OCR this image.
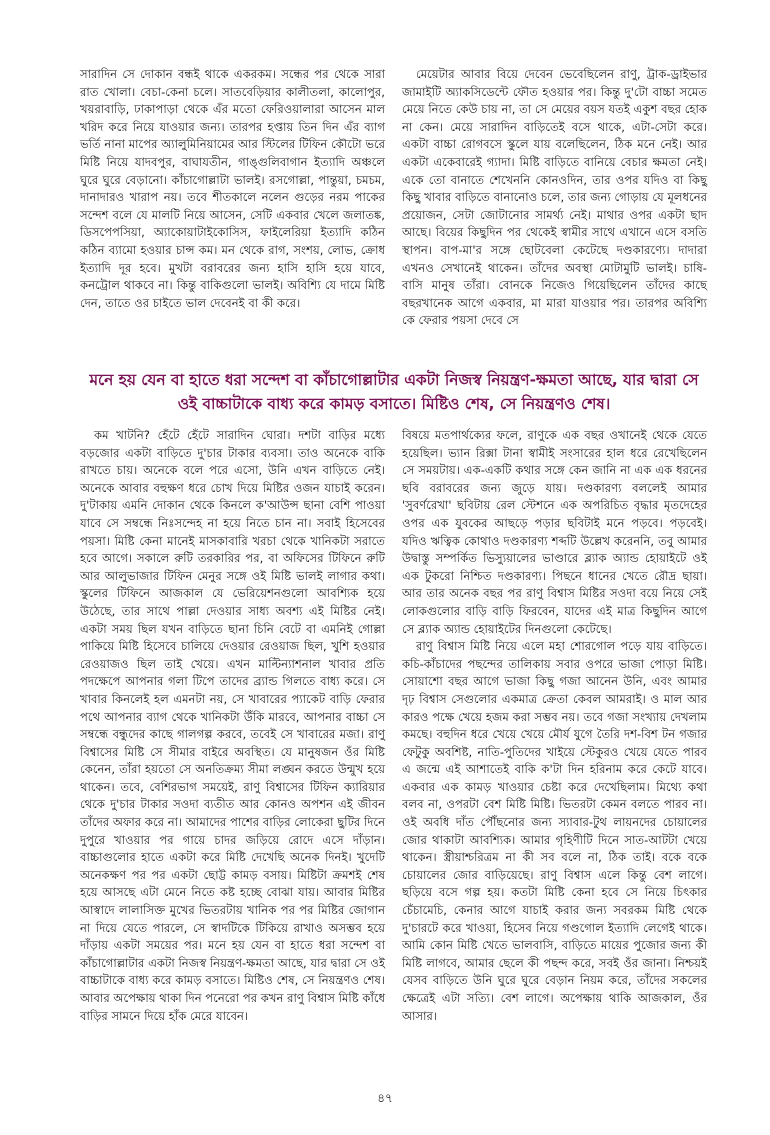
সারাদিন সে দোকান বন্ধই থাকে একরকম। সন্ধের পর থেকে সারা রাত খোলা। বেচা-কেনা চলে। সাতবেড়িয়ার কালীতলা, কালোপুর, খয়রাবাড়ি, ঢাকাপাড়া থেকে এঁর মতো ফেরিওয়ালারা আসেন মাল খরিদ করে নিয়ে যাওয়ার জন্য। তারপর হপ্তায় তিন দিন এঁর ব্যাগ ভর্তি নানা মাপের অ্যালুমিনিয়ামের আর স্টিলের টিফিন কৌটো ভরে মিষ্টি নিয়ে যাদবপুর, বাঘাযতীন, গাঙ্গুলিবাগান ইত্যাদি অঞ্চলে ঘুরে ঘুরে বেড়ানো। কাঁচাগোল্লাটা ভালই। রসগোল্লা, পান্তুয়া, চমচম, দানাদারও খারাপ নয়। তবে শীতকালে নলেন গুড়ের নরম পাকের সন্দেশ বলে যে মালটি নিয়ে আসেন, সেটি একবার খেলে জলাতঙ্ক, ডিসপেপসিয়া, অ্যাকোয়াটাইকোসিস, ফাইলেরিয়া ইত্যাদি কঠিন কঠিন ব্যামো হওয়ার চান্স কম। মন থেকে রাগ, সংশয়, লোভ, ক্রোধ ইত্যাদি দূর হবে। মুখটা বরাবরের জন্য হাসি হাসি হয়ে যাবে, কনট্রোল থাকবে না। কিন্তু বাকিগুলো ভালই। অবিশ্যি যে দামে মিষ্টি দেন, তাতে ওর চাইতে ভাল দেবেনই বা কী করে।

মেয়েটার আবার বিয়ে দেবেন ভেবেছিলেন রাণু, ট্রাক-ড্রাইভার জামাইটি অ্যাকসিডেন্টে ফৌত হওয়ার পর। কিন্তু দু'টো বাচ্চা সমেত মেয়ে নিতে কেউ চায় না, তা সে মেয়ের বয়স যতই একুশ বছর হোক না কেন। মেয়ে সারাদিন বাড়িতেই বসে থাকে, এটা-সেটা করে। একটা বাচ্চা রোগবসে স্কুলে যায় বলেছিলেন, ঠিক মনে নেই। আর একটা একেবারেই গ্যাদা। মিষ্টি বাড়িতে বানিয়ে বেচার ক্ষমতা নেই। একে তো বানাতে শেখেননি কোনওদিন, তার ওপর যদিও বা কিছু কিছু খাবার বাড়িতে বানানোও চলে, তার জন্য গোড়ায় যে মূলধনের প্রয়োজন, সেটা জোটানোর সামর্থ্য নেই। মাথার ওপর একটা ছাদ আছে। বিয়ের কিছুদিন পর থেকেই স্বামীর সাথে এখানে এসে বসতি স্থাপন। বাপ-মা'র সঙ্গে ছোটবেলা কেটেছে দণ্ডকারণ্যে। দাদারা এখনও সেখানেই থাকেন। তাঁদের অবস্থা মোটামুটি ভালই। চাষি-বাসি মানুষ তাঁরা। বোনকে নিজেও গিয়েছিলেন তাঁদের কাছে বছরখানেক আগে একবার, মা মারা যাওয়ার পর। তারপর অবিশ্যি কে ফেরার পয়সা দেবে সে

মনে হয় যেন বা হাতে ধরা সন্দেশ বা কাঁচাগোল্লাটার একটা নিজস্ব নিয়ন্ত্রণ-ক্ষমতা আছে, যার দ্বারা সে ওই বাচ্চাটাকে বাধ্য করে কামড় বসাতে। মিষ্টিও শেষ, সে নিয়ন্ত্রণও শেষ।

কম খাটনি? হেঁটে হেঁটে সারাদিন ঘোরা। দশটা বাড়ির মধ্যে বড়জোর একটা বাড়িতে দু'চার টাকার ব্যবসা। তাও অনেকে বাকি রাখতে চায়। অনেকে বলে পরে এসো, উনি এখন বাড়িতে নেই। অনেকে আবার বহুক্ষণ ধরে চোখ দিয়ে মিষ্টির ওজন যাচাই করেন। দু'টাকায় এমনি দোকান থেকে কিনলে ক'আউন্স ছানা বেশি পাওয়া যাবে সে সম্বন্ধে নিঃসন্দেহ না হয়ে নিতে চান না। সবাই হিসেবের পয়সা। মিষ্টি কেনা মানেই মাসকাবারি খরচা থেকে খানিকটা সরাতে হবে আগে। সকালে রুটি তরকারির পর, বা অফিসের টিফিনে রুটি আর আলুভাজার টিফিন মেনুর সঙ্গে ওই মিষ্টি ভালই লাগার কথা। স্কুলের টিফিনে আজকাল যে ভেরিয়েশনগুলো আবশ্যিক হয়ে উঠেছে, তার সাথে পাল্লা দেওয়ার সাধ্য অবশ্য এই মিষ্টির নেই। একটা সময় ছিল যখন বাড়িতে ছানা চিনি বেটে বা এমনিই গোল্লা পাকিয়ে মিষ্টি হিসেবে চালিয়ে দেওয়ার রেওয়াজ ছিল, খুশি হওয়ার রেওয়াজও ছিল তাই খেয়ে। এখন মাল্টিন্যাশনাল খাবার প্রতি পদক্ষেপে আপনার গলা টিপে তাদের ব্র্যান্ড গিলতে বাধ্য করে। সে খাবার কিনলেই হল এমনটা নয়, সে খাবারের প্যাকেট বাড়ি ফেরার পথে আপনার ব্যাগ থেকে খানিকটা উঁকি মারবে, আপনার বাচ্চা সে সম্বন্ধে বন্ধুদের কাছে গালগল্প করবে, তবেই সে খাবারের মজা। রাণু বিশ্বাসের মিষ্টি সে সীমার বাইরে অবস্থিত। যে মানুষজন ওঁর মিষ্টি কেনেন, তাঁরা হয়তো সে অনতিক্রম্য সীমা লঙ্ঘন করতে উন্মুখ হয়ে থাকেন। তবে, বেশিরভাগ সময়েই, রাণু বিশ্বাসের টিফিন ক্যারিয়ার থেকে দু'চার টাকার সওদা ব্যতীত আর কোনও অপশন এই জীবন তাঁদের অফার করে না। আমাদের পাশের বাড়ির লোকেরা ছুটির দিনে দুপুরে খাওয়ার পর গায়ে চাদর জড়িয়ে রোদে এসে দাঁড়ান। বাচ্চাগুলোর হাতে একটা করে মিষ্টি দেখেছি অনেক দিনই। খুদেটি অনেকক্ষণ পর পর একটা ছোট্ট কামড় বসায়। মিষ্টিটা ক্রমশই শেষ হয়ে আসছে এটা মেনে নিতে কষ্ট হচ্ছে বোঝা যায়। আবার মিষ্টির আস্বাদে লালাসিক্ত মুখের ভিতরটায় খানিক পর পর মিষ্টির জোগান না দিয়ে যেতে পারলে, সে স্বাদটিকে টিকিয়ে রাখাও অসম্ভব হয়ে দাঁড়ায় একটা সময়ের পর। মনে হয় যেন বা হাতে ধরা সন্দেশ বা কাঁচাগোল্লাটার একটা নিজস্ব নিয়ন্ত্রণ-ক্ষমতা আছে, যার দ্বারা সে ওই বাচ্চাটাকে বাধ্য করে কামড় বসাতে। মিষ্টিও শেষ, সে নিয়ন্ত্রণও শেষ। আবার অপেক্ষায় থাকা দিন পনেরো পর কখন রাণু বিশ্বাস মিষ্টি কাঁধে বাড়ির সামনে দিয়ে হাঁক মেরে যাবেন।

বিষয়ে মতপার্থক্যের ফলে, রাণুকে এক বছর ওখানেই থেকে যেতে হয়েছিল। ভ্যান রিক্সা টানা স্বামীই সংসারের হাল ধরে রেখেছিলেন সে সময়টায়। এক-একটি কথার সঙ্গে কেন জানি না এক এক ধরনের ছবি বরাবরের জন্য জুড়ে যায়। দণ্ডকারণ্য বললেই আমার 'সুবর্ণরেখা' ছবিটায় রেল স্টেশনে এক অপরিচিত বৃদ্ধার মৃতদেহের ওপর এক যুবকের আছড়ে পড়ার ছবিটাই মনে পড়বে। পড়বেই। যদিও ঋত্বিক কোথাও দণ্ডকারণ্য শব্দটি উল্লেখ করেননি, তবু আমার উদ্বাস্তু সম্পর্কিত ভিস্যুয়ালের ভাণ্ডারে ব্ল্যাক অ্যান্ড হোয়াইটে ওই এক টুকরো নিশ্চিত দণ্ডকারণ্য। পিছনে ধানের খেতে রৌদ্র ছায়া। আর তার অনেক বছর পর রাণু বিশ্বাস মিষ্টির সওদা বয়ে নিয়ে সেই লোকগুলোর বাড়ি বাড়ি ফিরবেন, যাদের এই মাত্র কিছুদিন আগে সে ব্ল্যাক অ্যান্ড হোয়াইটের দিনগুলো কেটেছে।

রাণু বিশ্বাস মিষ্টি নিয়ে এলে মহা শোরগোল পড়ে যায় বাড়িতে। কচি-কাঁচাদের পছন্দের তালিকায় সবার ওপরে ভাজা পোড়া মিষ্টি। সোয়াশো বছর আগে ভাজা কিছু গজা আনেন উনি, এবং আমার দৃঢ় বিশ্বাস সেগুলোর একমাত্র ক্রেতা কেবল আমরাই। ও মাল আর কারও পক্ষে খেয়ে হজম করা সম্ভব নয়। তবে গজা সংখ্যায় দেখলাম কমছে। বহুদিন ধরে খেয়ে খেয়ে মৌর্য যুগে তৈরি দশ-বিশ টন গজার ফেটুকু অবশিষ্ট, নাতি-পুতিদের খাইয়ে স্টেকুরও খেয়ে যেতে পারব এ জন্মে এই আশাতেই বাকি ক'টা দিন হরিনাম করে কেটে যাবে। একবার এক কামড় খাওয়ার চেষ্টা করে দেখেছিলাম। মিথ্যে কথা বলব না, ওপরটা বেশ মিষ্টি মিষ্টি। ভিতরটা কেমন বলতে পারব না। ওই অবধি দাঁত পৌঁছনোর জন্য স্যাবার-টুথ লায়নদের চোয়ালের জোর থাকাটা আবশ্যিক। আমার গৃহিণীটি দিনে সাত-আটটা খেয়ে থাকেন। স্ত্রীয়াশ্চরিত্রম না কী সব বলে না, ঠিক তাই। বকে বকে চোয়ালের জোর বাড়িয়েছে। রাণু বিশ্বাস এলে কিন্তু বেশ লাগে। ছড়িয়ে বসে গল্প হয়। কতটা মিষ্টি কেনা হবে সে নিয়ে চিৎকার চেঁচামেচি, কেনার আগে যাচাই করার জন্য সবরকম মিষ্টি থেকে দু'চারটে করে খাওয়া, হিসেব নিয়ে গণ্ডগোল ইত্যাদি লেগেই থাকে। আমি কোন মিষ্টি খেতে ভালবাসি, বাড়িতে মায়ের পুজোর জন্য কী মিষ্টি লাগবে, আমার ছেলে কী পছন্দ করে, সবই ওঁর জানা। নিশ্চয়ই যেসব বাড়িতে উনি ঘুরে ঘুরে বেড়ান নিয়ম করে, তাঁদের সকলের ক্ষেত্রেই এটা সত্যি। বেশ লাগে। অপেক্ষায় থাকি আজকাল, ওঁর আসার।

৪৭
